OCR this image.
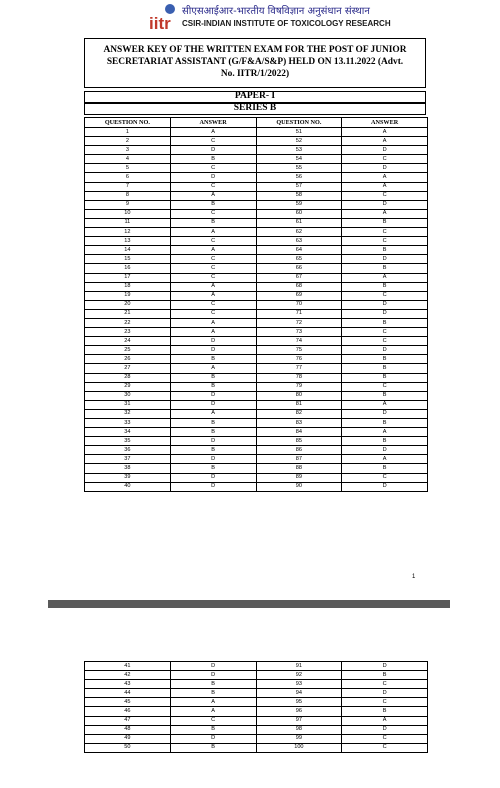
iitr
सीएसआईआर-भारतीय विषविज्ञान अनुसंधान संस्थान
CSIR-INDIAN INSTITUTE OF TOXICOLOGY RESEARCH
ANSWER KEY OF THE WRITTEN EXAM FOR THE POST OF JUNIOR
SECRETARIAT ASSISTANT (G/F&A/S&P) HELD ON 13.11.2022 (Advt.
No. IITR/1/2022)
PAPER- I
SERIES B
QUESTION NO.	ANSWER	QUESTION NO.	ANSWER
1	A	51	A
2	C	52	A
3	D	53	D
4	B	54	C
5	C	55	D
6	D	56	A
7	C	57	A
8	A	58	C
9	B	59	D
10	C	60	A
11	B	61	B
12	A	62	C
13	C	63	C
14	A	64	B
15	C	65	D
16	C	66	B
17	C	67	A
18	A	68	B
19	A	69	C
20	C	70	D
21	C	71	D
22	A	72	B
23	A	73	C
24	D	74	C
25	D	75	D
26	B	76	B
27	A	77	B
28	B	78	B
29	B	79	C
30	D	80	B
31	D	81	A
32	A	82	D
33	B	83	B
34	B	84	A
35	D	85	B
36	B	86	D
37	D	87	A
38	B	88	B
39	D	89	C
40	D	90	D
1
41	D	91	D
42	D	92	B
43	B	93	C
44	B	94	D
45	A	95	C
46	A	96	B
47	C	97	A
48	B	98	D
49	D	99	C
50	B	100	C
